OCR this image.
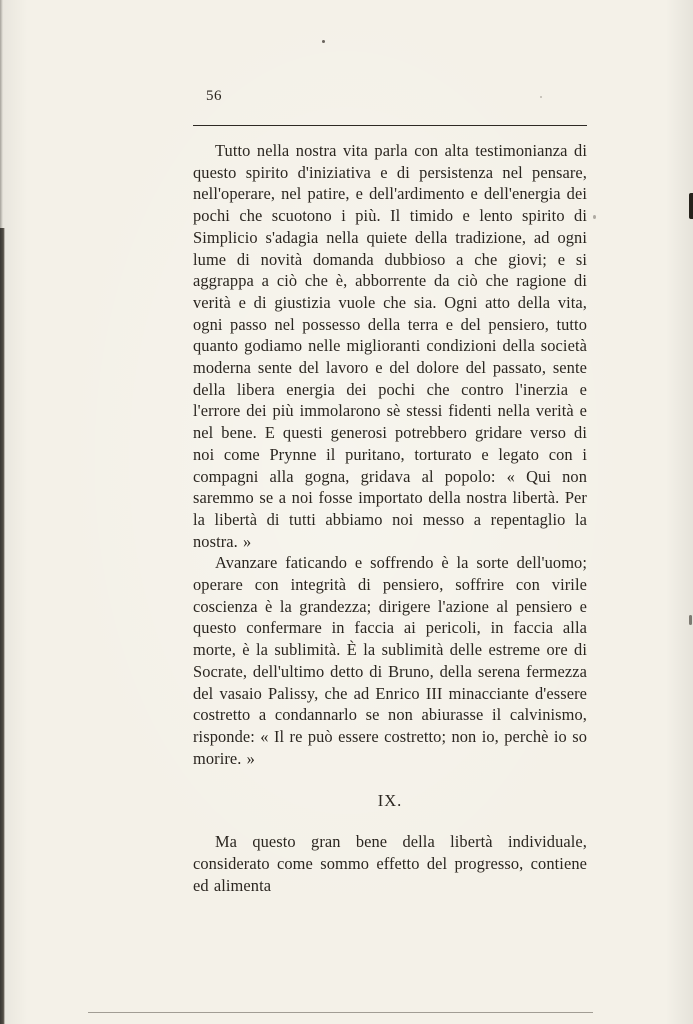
56

Tutto nella nostra vita parla con alta testimonianza di questo spirito d'iniziativa e di persistenza nel pensare, nell'operare, nel patire, e dell'ardimento e dell'energia dei pochi che scuotono i più. Il timido e lento spirito di Simplicio s'adagia nella quiete della tradizione, ad ogni lume di novità domanda dubbioso a che giovi; e si aggrappa a ciò che è, abborrente da ciò che ragione di verità e di giustizia vuole che sia. Ogni atto della vita, ogni passo nel possesso della terra e del pensiero, tutto quanto godiamo nelle miglioranti condizioni della società moderna sente del lavoro e del dolore del passato, sente della libera energia dei pochi che contro l'inerzia e l'errore dei più immolarono sè stessi fidenti nella verità e nel bene. E questi generosi potrebbero gridare verso di noi come Prynne il puritano, torturato e legato con i compagni alla gogna, gridava al popolo: « Qui non saremmo se a noi fosse importato della nostra libertà. Per la libertà di tutti abbiamo noi messo a repentaglio la nostra. »

Avanzare faticando e soffrendo è la sorte dell'uomo; operare con integrità di pensiero, soffrire con virile coscienza è la grandezza; dirigere l'azione al pensiero e questo confermare in faccia ai pericoli, in faccia alla morte, è la sublimità. È la sublimità delle estreme ore di Socrate, dell'ultimo detto di Bruno, della serena fermezza del vasaio Palissy, che ad Enrico III minacciante d'essere costretto a condannarlo se non abiurasse il calvinismo, risponde: « Il re può essere costretto; non io, perchè io so morire. »

IX.

Ma questo gran bene della libertà individuale, considerato come sommo effetto del progresso, contiene ed alimenta
